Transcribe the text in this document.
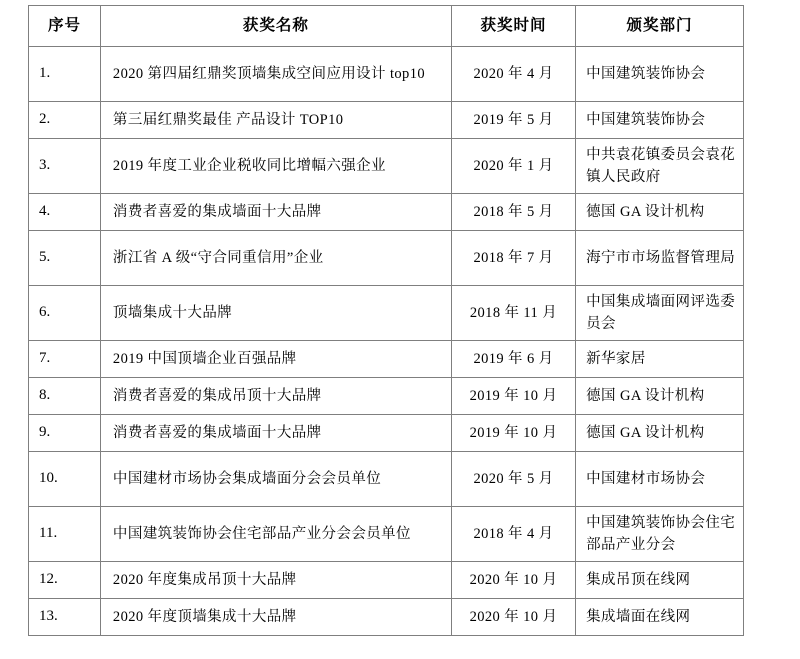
序号	获奖名称	获奖时间	颁奖部门
1.	2020 第四届红鼎奖顶墙集成空间应用设计 top10	2020 年 4 月	中国建筑装饰协会
2.	第三届红鼎奖最佳 产品设计 TOP10	2019 年 5 月	中国建筑装饰协会
3.	2019 年度工业企业税收同比增幅六强企业	2020 年 1 月	中共袁花镇委员会袁花镇人民政府
4.	消费者喜爱的集成墙面十大品牌	2018 年 5 月	德国 GA 设计机构
5.	浙江省 A 级“守合同重信用”企业	2018 年 7 月	海宁市市场监督管理局
6.	顶墙集成十大品牌	2018 年 11 月	中国集成墙面网评选委员会
7.	2019 中国顶墙企业百强品牌	2019 年 6 月	新华家居
8.	消费者喜爱的集成吊顶十大品牌	2019 年 10 月	德国 GA 设计机构
9.	消费者喜爱的集成墙面十大品牌	2019 年 10 月	德国 GA 设计机构
10.	中国建材市场协会集成墙面分会会员单位	2020 年 5 月	中国建材市场协会
11.	中国建筑装饰协会住宅部品产业分会会员单位	2018 年 4 月	中国建筑装饰协会住宅部品产业分会
12.	2020 年度集成吊顶十大品牌	2020 年 10 月	集成吊顶在线网
13.	2020 年度顶墙集成十大品牌	2020 年 10 月	集成墙面在线网
